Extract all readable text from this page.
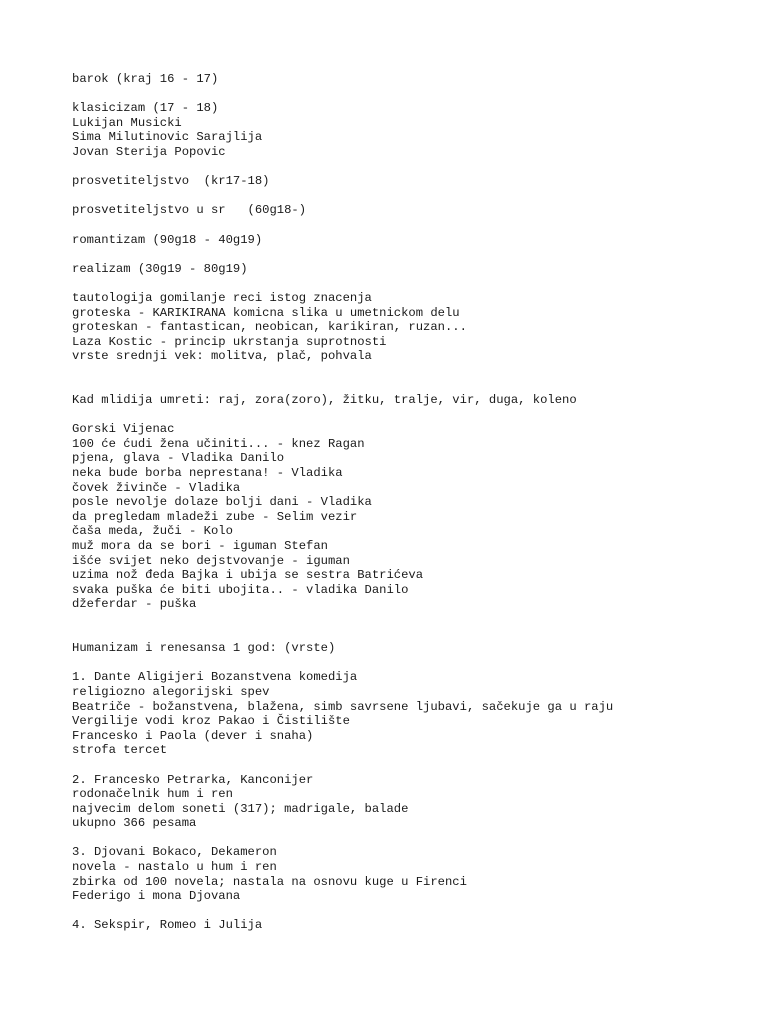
barok (kraj 16 - 17)
klasicizam (17 - 18)
Lukijan Musicki
Sima Milutinovic Sarajlija
Jovan Sterija Popovic
prosvetiteljstvo  (kr17-18)
prosvetiteljstvo u sr   (60g18-)
romantizam (90g18 - 40g19)
realizam (30g19 - 80g19)
tautologija gomilanje reci istog znacenja
groteska - KARIKIRANA komicna slika u umetnickom delu
groteskan - fantastican, neobican, karikiran, ruzan...
Laza Kostic - princip ukrstanja suprotnosti
vrste srednji vek: molitva, plač, pohvala
Kad mlidija umreti: raj, zora(zoro), žitku, tralje, vir, duga, koleno
Gorski Vijenac
100 će ćudi žena učiniti... - knez Ragan
pjena, glava - Vladika Danilo
neka bude borba neprestana! - Vladika
čovek živinče - Vladika
posle nevolje dolaze bolji dani - Vladika
da pregledam mladeži zube - Selim vezir
čaša meda, žuči - Kolo
muž mora da se bori - iguman Stefan
išće svijet neko dejstvovanje - iguman
uzima nož đeda Bajka i ubija se sestra Batrićeva
svaka puška će biti ubojita.. - vladika Danilo
džeferdar - puška
Humanizam i renesansa 1 god: (vrste)
1. Dante Aligijeri Bozanstvena komedija
religiozno alegorijski spev
Beatriče - božanstvena, blažena, simb savrsene ljubavi, sačekuje ga u raju
Vergilije vodi kroz Pakao i Čistilište
Francesko i Paola (dever i snaha)
strofa tercet
2. Francesko Petrarka, Kanconijer
rodonačelnik hum i ren
najvecim delom soneti (317); madrigale, balade
ukupno 366 pesama
3. Djovani Bokaco, Dekameron
novela - nastalo u hum i ren
zbirka od 100 novela; nastala na osnovu kuge u Firenci
Federigo i mona Djovana
4. Sekspir, Romeo i Julija
